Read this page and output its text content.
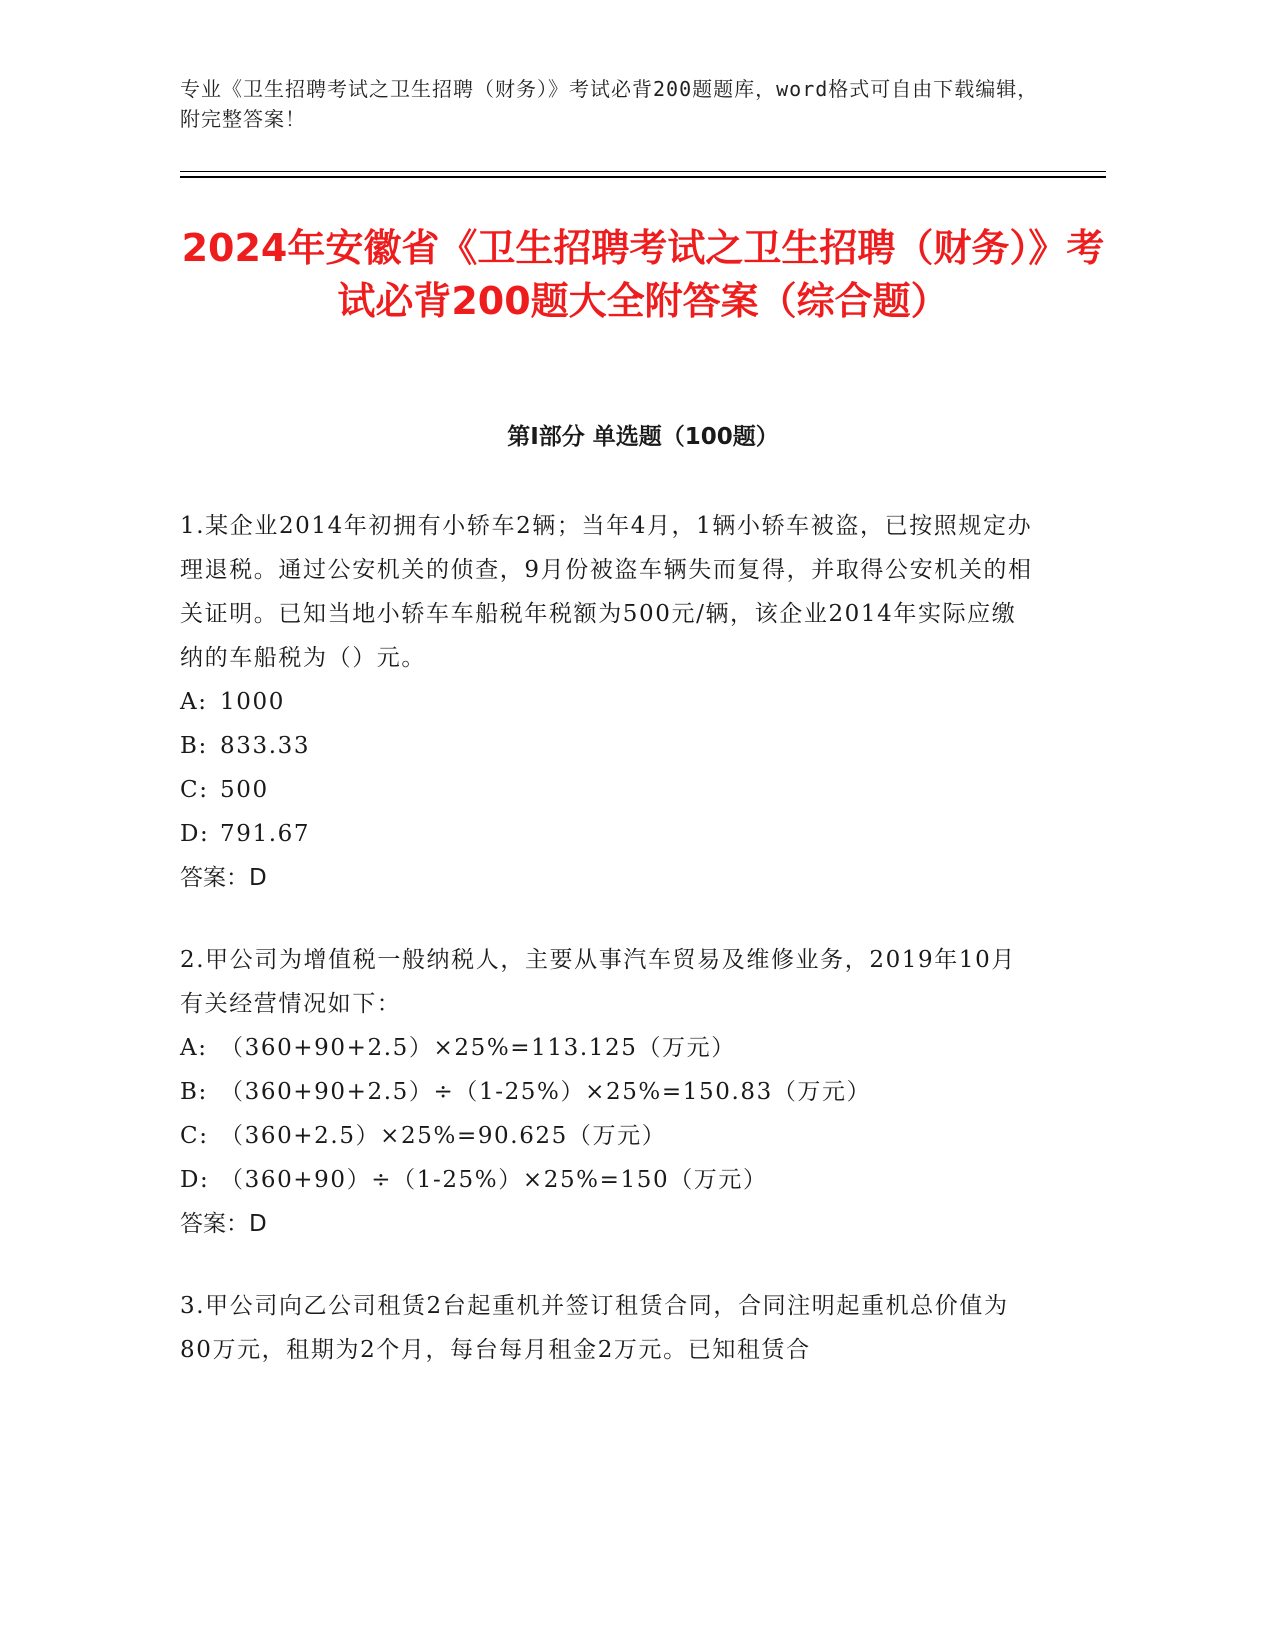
专业《卫生招聘考试之卫生招聘（财务）》考试必背200题题库，word格式可自由下载编辑，附完整答案！
2024年安徽省《卫生招聘考试之卫生招聘（财务）》考试必背200题大全附答案（综合题）
第I部分 单选题（100题）
1.某企业2014年初拥有小轿车2辆；当年4月，1辆小轿车被盗，已按照规定办理退税。通过公安机关的侦查，9月份被盗车辆失而复得，并取得公安机关的相关证明。已知当地小轿车车船税年税额为500元/辆，该企业2014年实际应缴纳的车船税为（）元。
A: 1000
B: 833.33
C: 500
D: 791.67
答案：D
2.甲公司为增值税一般纳税人，主要从事汽车贸易及维修业务，2019年10月有关经营情况如下：
A: （360+90+2.5）×25%=113.125（万元）
B: （360+90+2.5）÷（1-25%）×25%=150.83（万元）
C: （360+2.5）×25%=90.625（万元）
D: （360+90）÷（1-25%）×25%=150（万元）
答案：D
3.甲公司向乙公司租赁2台起重机并签订租赁合同，合同注明起重机总价值为80万元，租期为2个月，每台每月租金2万元。已知租赁合
